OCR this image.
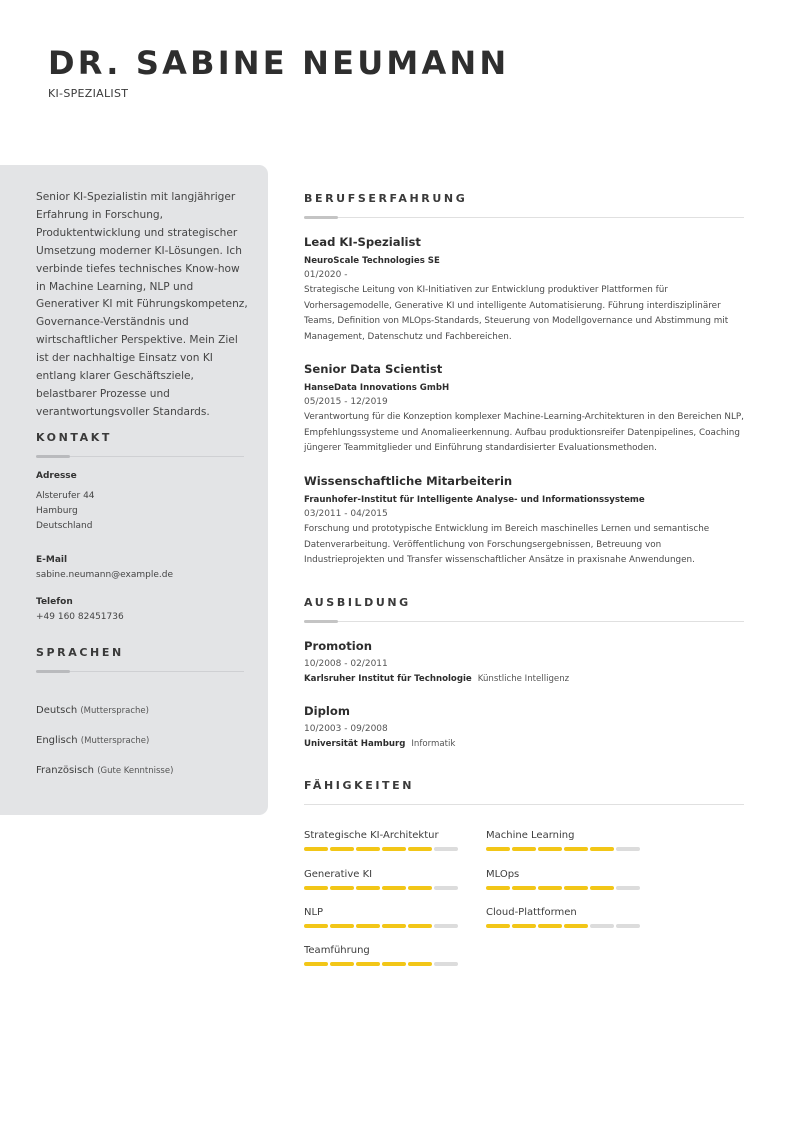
DR. SABINE NEUMANN
KI-SPEZIALIST

Senior KI-Spezialistin mit langjähriger Erfahrung in Forschung, Produktentwicklung und strategischer Umsetzung moderner KI-Lösungen. Ich verbinde tiefes technisches Know-how in Machine Learning, NLP und Generativer KI mit Führungskompetenz, Governance-Verständnis und wirtschaftlicher Perspektive. Mein Ziel ist der nachhaltige Einsatz von KI entlang klarer Geschäftsziele, belastbarer Prozesse und verantwortungsvoller Standards.

KONTAKT
Adresse
Alsterufer 44
Hamburg
Deutschland
E-Mail
sabine.neumann@example.de
Telefon
+49 160 82451736
SPRACHEN
Deutsch (Muttersprache)
Englisch (Muttersprache)
Französisch (Gute Kenntnisse)
BERUFSERFAHRUNG
Lead KI-Spezialist
NeuroScale Technologies SE
01/2020 -

Strategische Leitung von KI-Initiativen zur Entwicklung produktiver Plattformen für Vorhersagemodelle, Generative KI und intelligente Automatisierung. Führung interdisziplinärer Teams, Definition von MLOps-Standards, Steuerung von Modellgovernance und Abstimmung mit Management, Datenschutz und Fachbereichen.

Senior Data Scientist
HanseData Innovations GmbH
05/2015 - 12/2019

Verantwortung für die Konzeption komplexer Machine-Learning-Architekturen in den Bereichen NLP, Empfehlungssysteme und Anomalieerkennung. Aufbau produktionsreifer Datenpipelines, Coaching jüngerer Teammitglieder und Einführung standardisierter Evaluationsmethoden.

Wissenschaftliche Mitarbeiterin
Fraunhofer-Institut für Intelligente Analyse- und Informationssysteme
03/2011 - 04/2015

Forschung und prototypische Entwicklung im Bereich maschinelles Lernen und semantische Datenverarbeitung. Veröffentlichung von Forschungsergebnissen, Betreuung von Industrieprojekten und Transfer wissenschaftlicher Ansätze in praxisnahe Anwendungen.

AUSBILDUNG
Promotion
10/2008 - 02/2011
Karlsruher Institut für Technologie Künstliche Intelligenz
Diplom
10/2003 - 09/2008
Universität Hamburg Informatik
FÄHIGKEITEN
Strategische KI-Architektur	Machine Learning
Generative KI	MLOps
NLP	Cloud-Plattformen
Teamführung
